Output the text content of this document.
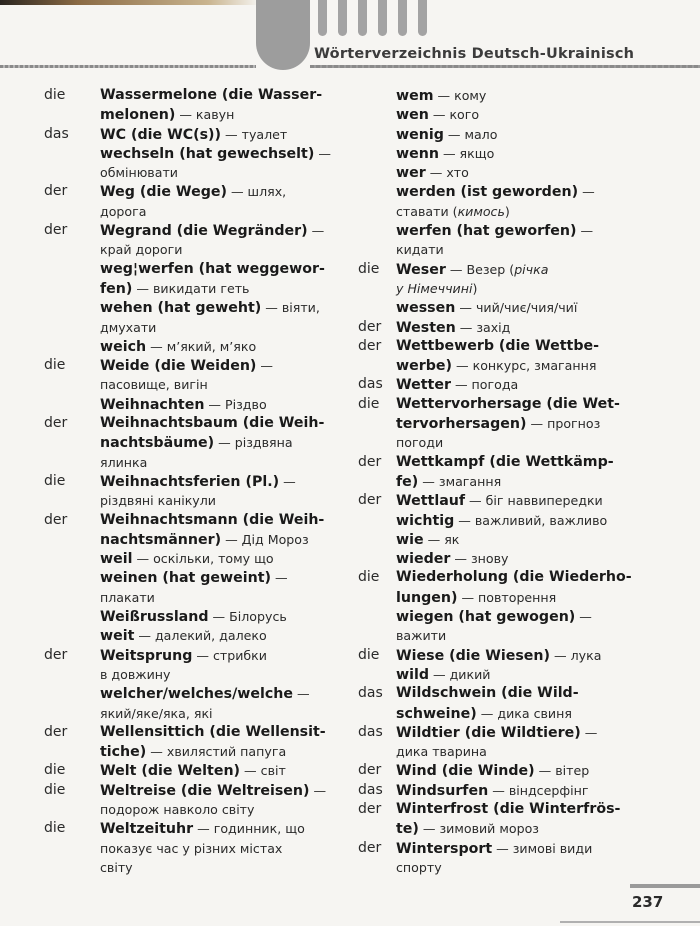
Wörterverzeichnis Deutsch-Ukrainisch
die	Wassermelone (die Wasser-
melonen) — кавун
das	WC (die WC(s)) — туалет
wechseln (hat gewechselt) —
обмінювати
der	Weg (die Wege) — шлях,
дорога
der	Wegrand (die Wegränder) —
край дороги
weg¦werfen (hat weggewor-
fen) — викидати геть
wehen (hat geweht) — віяти,
дмухати
weich — м’який, м’яко
die	Weide (die Weiden) —
пасовище, вигін
Weihnachten — Різдво
der	Weihnachtsbaum (die Weih-
nachtsbäume) — різдвяна
ялинка
die	Weihnachtsferien (Pl.) —
різдвяні канікули
der	Weihnachtsmann (die Weih-
nachtsmänner) — Дід Мороз
weil — оскільки, тому що
weinen (hat geweint) —
плакати
Weißrussland — Білорусь
weit — далекий, далеко
der	Weitsprung — стрибки
в довжину
welcher/welches/welche —
який/яке/яка, які
der	Wellensittich (die Wellensit-
tiche) — хвилястий папуга
die	Welt (die Welten) — світ
die	Weltreise (die Weltreisen) —
подорож навколо світу
die	Weltzeituhr — годинник, що
показує час у різних містах
світу
wem — кому
wen — кого
wenig — мало
wenn — якщо
wer — хто
werden (ist geworden) —
ставати (кимось)
werfen (hat geworfen) —
кидати
die	Weser — Везер (річка
у Німеччині)
wessen — чий/чиє/чия/чиї
der	Westen — захід
der	Wettbewerb (die Wettbe-
werbe) — конкурс, змагання
das Wetter — погода
die	Wettervorhersage (die Wet-
tervorhersagen) — прогноз
погоди
der	Wettkampf (die Wettkämp-
fe) — змагання
der	Wettlauf — біг наввипередки
wichtig — важливий, важливо
wie — як
wieder — знову
die	Wiederholung (die Wiederho-
lungen) — повторення
wiegen (hat gewogen) —
важити
die	Wiese (die Wiesen) — лука
wild — дикий
das Wildschwein (die Wild-
schweine) — дика свиня
das Wildtier (die Wildtiere) —
дика тварина
der	Wind (die Winde) — вітер
das Windsurfen — віндсерфінг
der	Winterfrost (die Winterfrös-
te) — зимовий мороз
der	Wintersport — зимові види
спорту
237
